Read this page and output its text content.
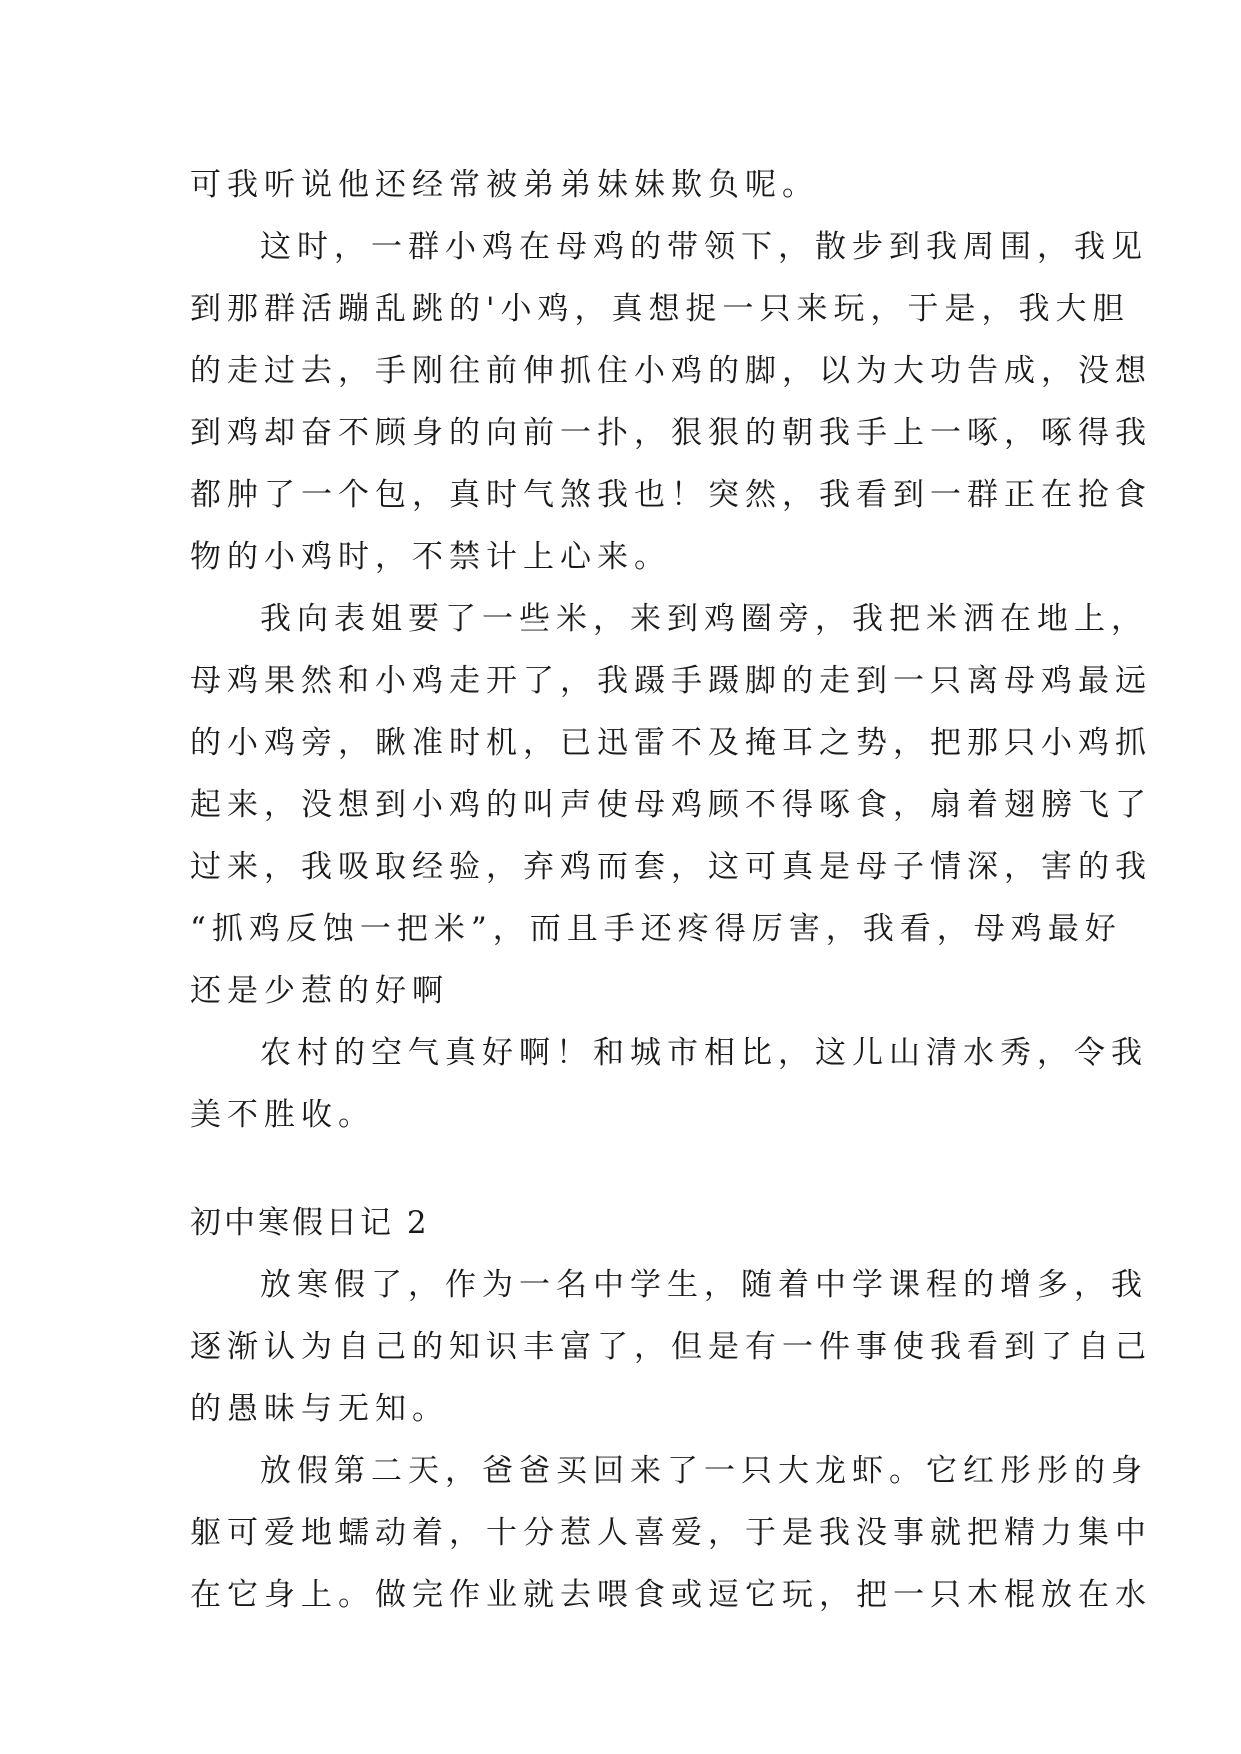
可我听说他还经常被弟弟妹妹欺负呢。
这时，一群小鸡在母鸡的带领下，散步到我周围，我见
到那群活蹦乱跳的'小鸡，真想捉一只来玩，于是，我大胆
的走过去，手刚往前伸抓住小鸡的脚，以为大功告成，没想
到鸡却奋不顾身的向前一扑，狠狠的朝我手上一啄，啄得我
都肿了一个包，真时气煞我也！突然，我看到一群正在抢食
物的小鸡时，不禁计上心来。
我向表姐要了一些米，来到鸡圈旁，我把米洒在地上，
母鸡果然和小鸡走开了，我蹑手蹑脚的走到一只离母鸡最远
的小鸡旁，瞅准时机，已迅雷不及掩耳之势，把那只小鸡抓
起来，没想到小鸡的叫声使母鸡顾不得啄食，扇着翅膀飞了
过来，我吸取经验，弃鸡而套，这可真是母子情深，害的我
“抓鸡反蚀一把米”，而且手还疼得厉害，我看，母鸡最好
还是少惹的好啊
农村的空气真好啊！和城市相比，这儿山清水秀，令我
美不胜收。
初中寒假日记 2
放寒假了，作为一名中学生，随着中学课程的增多，我
逐渐认为自己的知识丰富了，但是有一件事使我看到了自己
的愚昧与无知。
放假第二天，爸爸买回来了一只大龙虾。它红彤彤的身
躯可爱地蠕动着，十分惹人喜爱，于是我没事就把精力集中
在它身上。做完作业就去喂食或逗它玩，把一只木棍放在水
